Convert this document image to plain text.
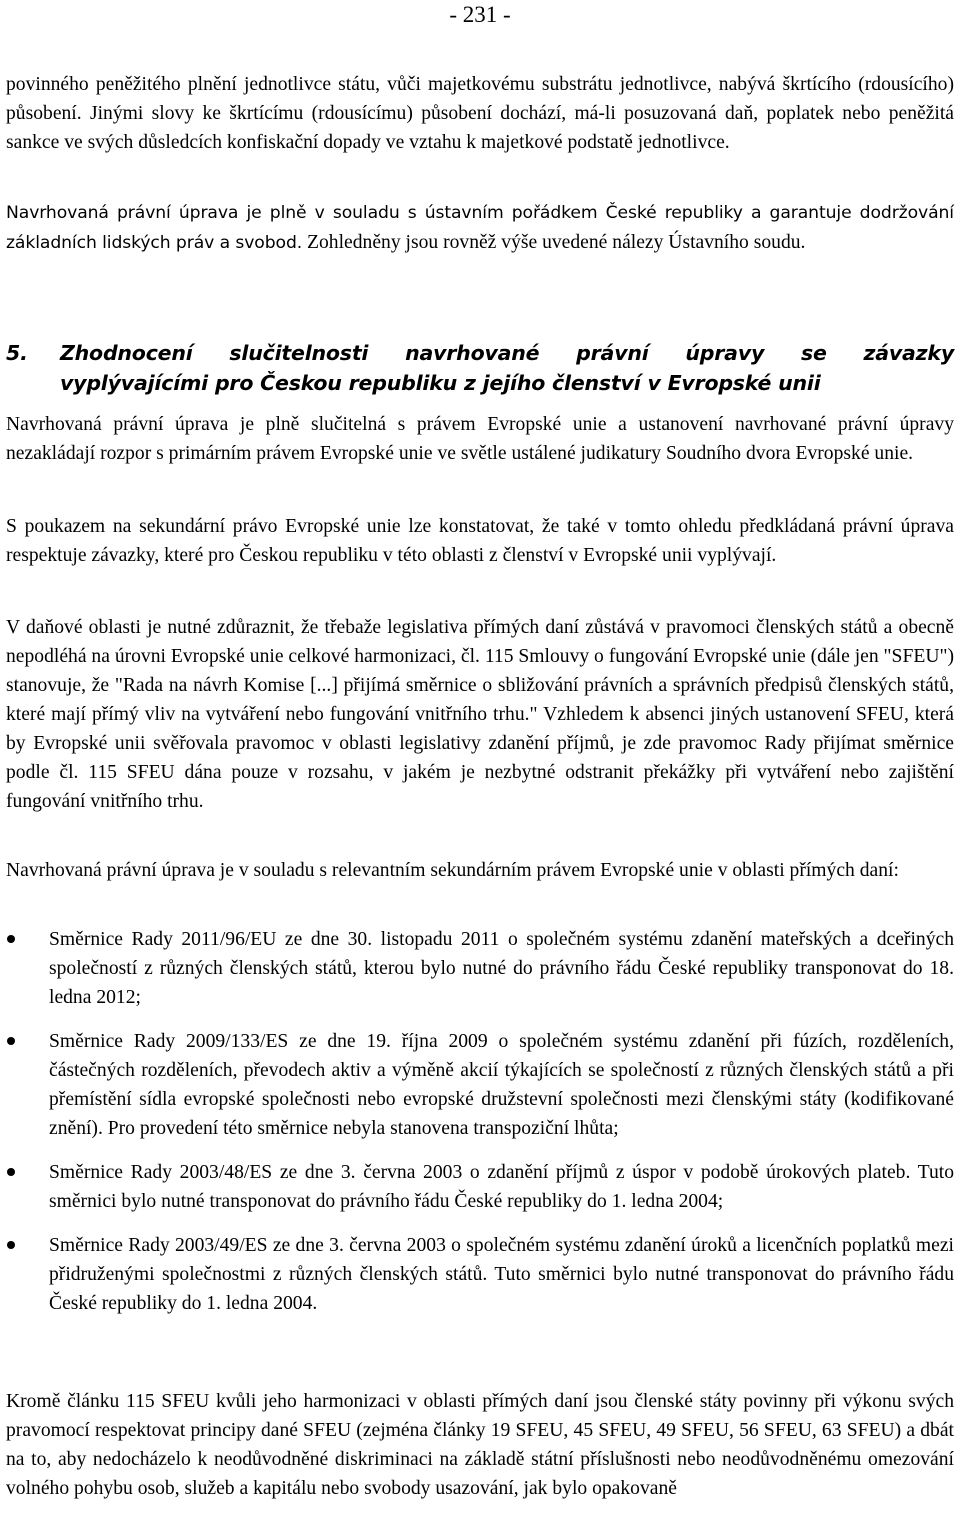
- 231 -

povinného peněžitého plnění jednotlivce státu, vůči majetkovému substrátu jednotlivce, nabývá škrtícího (rdousícího) působení. Jinými slovy ke škrtícímu (rdousícímu) působení dochází, má-li posuzovaná daň, poplatek nebo peněžitá sankce ve svých důsledcích konfiskační dopady ve vztahu k majetkové podstatě jednotlivce.

Navrhovaná právní úprava je plně v souladu s ústavním pořádkem České republiky a garantuje dodržování základních lidských práv a svobod. Zohledněny jsou rovněž výše uvedené nálezy Ústavního soudu.

5. Zhodnocení slučitelnosti navrhované právní úpravy se závazky
vyplývajícími pro Českou republiku z jejího členství v Evropské unii

Navrhovaná právní úprava je plně slučitelná s právem Evropské unie a ustanovení navrhované právní úpravy nezakládají rozpor s primárním právem Evropské unie ve světle ustálené judikatury Soudního dvora Evropské unie.

S poukazem na sekundární právo Evropské unie lze konstatovat, že také v tomto ohledu předkládaná právní úprava respektuje závazky, které pro Českou republiku v této oblasti z členství v Evropské unii vyplývají.

V daňové oblasti je nutné zdůraznit, že třebaže legislativa přímých daní zůstává v pravomoci členských států a obecně nepodléhá na úrovni Evropské unie celkové harmonizaci, čl. 115 Smlouvy o fungování Evropské unie (dále jen "SFEU") stanovuje, že "Rada na návrh Komise [...] přijímá směrnice o sbližování právních a správních předpisů členských států, které mají přímý vliv na vytváření nebo fungování vnitřního trhu." Vzhledem k absenci jiných ustanovení SFEU, která by Evropské unii svěřovala pravomoc v oblasti legislativy zdanění příjmů, je zde pravomoc Rady přijímat směrnice podle čl. 115 SFEU dána pouze v rozsahu, v jakém je nezbytné odstranit překážky při vytváření nebo zajištění fungování vnitřního trhu.

Navrhovaná právní úprava je v souladu s relevantním sekundárním právem Evropské unie v oblasti přímých daní:

Směrnice Rady 2011/96/EU ze dne 30. listopadu 2011 o společném systému zdanění mateřských a dceřiných společností z různých členských států, kterou bylo nutné do právního řádu České republiky transponovat do 18. ledna 2012;
Směrnice Rady 2009/133/ES ze dne 19. října 2009 o společném systému zdanění při fúzích, rozděleních, částečných rozděleních, převodech aktiv a výměně akcií týkajících se společností z různých členských států a při přemístění sídla evropské společnosti nebo evropské družstevní společnosti mezi členskými státy (kodifikované znění). Pro provedení této směrnice nebyla stanovena transpoziční lhůta;
Směrnice Rady 2003/48/ES ze dne 3. června 2003 o zdanění příjmů z úspor v podobě úrokových plateb. Tuto směrnici bylo nutné transponovat do právního řádu České republiky do 1. ledna 2004;
Směrnice Rady 2003/49/ES ze dne 3. června 2003 o společném systému zdanění úroků a licenčních poplatků mezi přidruženými společnostmi z různých členských států. Tuto směrnici bylo nutné transponovat do právního řádu České republiky do 1. ledna 2004.

Kromě článku 115 SFEU kvůli jeho harmonizaci v oblasti přímých daní jsou členské státy povinny při výkonu svých pravomocí respektovat principy dané SFEU (zejména články 19 SFEU, 45 SFEU, 49 SFEU, 56 SFEU, 63 SFEU) a dbát na to, aby nedocházelo k neodůvodněné diskriminaci na základě státní příslušnosti nebo neodůvodněnému omezování volného pohybu osob, služeb a kapitálu nebo svobody usazování, jak bylo opakovaně
